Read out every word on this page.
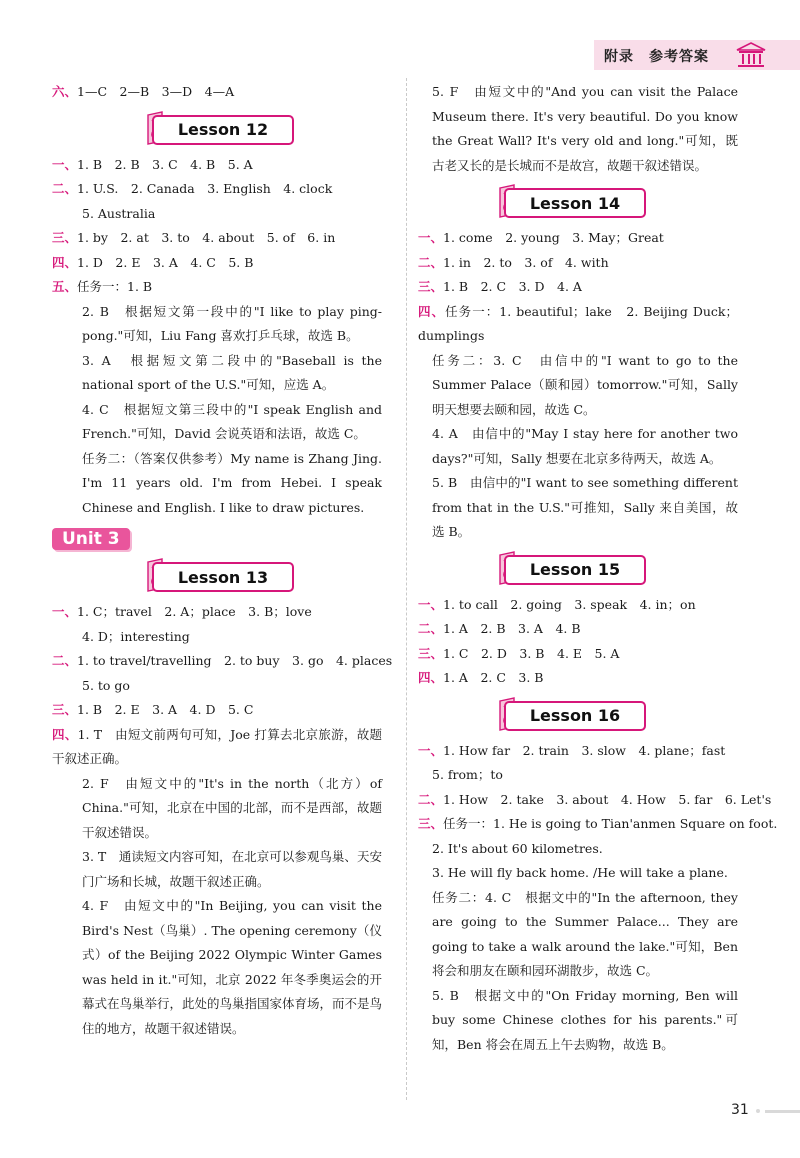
附录　参考答案
六、1—C　2—B　3—D　4—A
Lesson 12
一、1. B　2. B　3. C　4. B　5. A
二、1. U.S.　2. Canada　3. English　4. clock
5. Australia
三、1. by　2. at　3. to　4. about　5. of　6. in
四、1. D　2. E　3. A　4. C　5. B
五、任务一：1. B
2. B　根据短文第一段中的"I like to play ping-pong."可知，Liu Fang 喜欢打乒乓球，故选 B。
3. A　根据短文第二段中的"Baseball is the national sport of the U.S."可知，应选 A。
4. C　根据短文第三段中的"I speak English and French."可知，David 会说英语和法语，故选 C。
任务二：（答案仅供参考）My name is Zhang Jing. I'm 11 years old. I'm from Hebei. I speak Chinese and English. I like to draw pictures.
Unit 3
Lesson 13
一、1. C；travel　2. A；place　3. B；love
4. D；interesting
二、1. to travel/travelling　2. to buy　3. go　4. places
5. to go
三、1. B　2. E　3. A　4. D　5. C
四、1. T　由短文前两句可知，Joe 打算去北京旅游，故题干叙述正确。
2. F　由短文中的"It's in the north（北方）of China."可知，北京在中国的北部，而不是西部，故题干叙述错误。
3. T　通读短文内容可知，在北京可以参观鸟巢、天安门广场和长城，故题干叙述正确。
4. F　由短文中的"In Beijing, you can visit the Bird's Nest（鸟巢）. The opening ceremony（仪式）of the Beijing 2022 Olympic Winter Games was held in it."可知，北京 2022 年冬季奥运会的开幕式在鸟巢举行，此处的鸟巢指国家体育场，而不是鸟住的地方，故题干叙述错误。
5. F　由短文中的"And you can visit the Palace Museum there. It's very beautiful. Do you know the Great Wall? It's very old and long."可知，既古老又长的是长城而不是故宫，故题干叙述错误。
Lesson 14
一、1. come　2. young　3. May；Great
二、1. in　2. to　3. of　4. with
三、1. B　2. C　3. D　4. A
四、任务一：1. beautiful；lake　2. Beijing Duck；dumplings
任务二：3. C　由信中的"I want to go to the Summer Palace（颐和园）tomorrow."可知，Sally 明天想要去颐和园，故选 C。
4. A　由信中的"May I stay here for another two days?"可知，Sally 想要在北京多待两天，故选 A。
5. B　由信中的"I want to see something different from that in the U.S."可推知，Sally 来自美国，故选 B。
Lesson 15
一、1. to call　2. going　3. speak　4. in；on
二、1. A　2. B　3. A　4. B
三、1. C　2. D　3. B　4. E　5. A
四、1. A　2. C　3. B
Lesson 16
一、1. How far　2. train　3. slow　4. plane；fast
5. from；to
二、1. How　2. take　3. about　4. How　5. far　6. Let's
三、任务一：1. He is going to Tian'anmen Square on foot.
2. It's about 60 kilometres.
3. He will fly back home. /He will take a plane.
任务二：4. C　根据文中的"In the afternoon, they are going to the Summer Palace... They are going to take a walk around the lake."可知，Ben 将会和朋友在颐和园环湖散步，故选 C。
5. B　根据文中的"On Friday morning, Ben will buy some Chinese clothes for his parents."可知，Ben 将会在周五上午去购物，故选 B。
31
